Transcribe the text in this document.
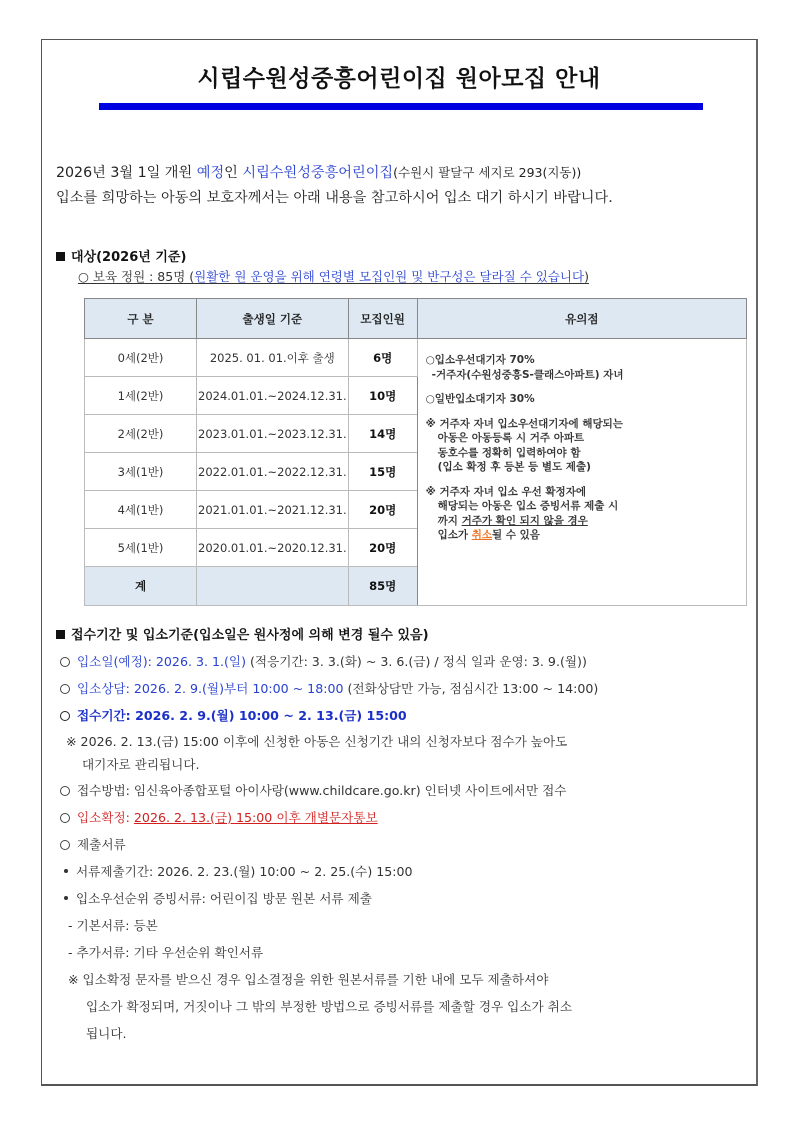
시립수원성중흥어린이집 원아모집 안내
2026년 3월 1일 개원 예정인 시립수원성중흥어린이집(수원시 팔달구 세지로 293(지동))
입소를 희망하는 아동의 보호자께서는 아래 내용을 참고하시어 입소 대기 하시기 바랍니다.
대상(2026년 기준)
○ 보육 정원 : 85명 (원활한 원 운영을 위해 연령별 모집인원 및 반구성은 달라질 수 있습니다)
구 분	출생일 기준	모집인원	유의점
0세(2반)	2025. 01. 01.이후 출생	6명	○입소우선대기자 70%
-거주자(수원성중흥S-클래스아파트) 자녀

○일반입소대기자 30%

※ 거주자 자녀 입소우선대기자에 해당되는
아동은 아동등록 시 거주 아파트
동호수를 정확히 입력하여야 함
(입소 확정 후 등본 등 별도 제출)

※ 거주자 자녀 입소 우선 확정자에
해당되는 아동은 입소 증빙서류 제출 시
까지 거주가 확인 되지 않을 경우
입소가 취소될 수 있음

1세(2반)	2024.01.01.~2024.12.31.	10명	
2세(2반)	2023.01.01.~2023.12.31.	14명	
3세(1반)	2022.01.01.~2022.12.31.	15명	
4세(1반)	2021.01.01.~2021.12.31.	20명	
5세(1반)	2020.01.01.~2020.12.31.	20명	
계		85명	
접수기간 및 입소기준(입소일은 원사정에 의해 변경 될수 있음)
입소일(예정): 2026. 3. 1.(일) (적응기간: 3. 3.(화) ~ 3. 6.(금) / 정식 일과 운영: 3. 9.(월))
입소상담: 2026. 2. 9.(월)부터 10:00 ~ 18:00 (전화상담만 가능, 점심시간 13:00 ~ 14:00)
접수기간: 2026. 2. 9.(월) 10:00 ~ 2. 13.(금) 15:00
※ 2026. 2. 13.(금) 15:00 이후에 신청한 아동은 신청기간 내의 신청자보다 점수가 높아도
대기자로 관리됩니다.
접수방법: 임신육아종합포털 아이사랑(www.childcare.go.kr) 인터넷 사이트에서만 접수
입소확정: 2026. 2. 13.(금) 15:00 이후 개별문자통보
제출서류
서류제출기간: 2026. 2. 23.(월) 10:00 ~ 2. 25.(수) 15:00
입소우선순위 증빙서류: 어린이집 방문 원본 서류 제출
- 기본서류: 등본
- 추가서류: 기타 우선순위 확인서류
※ 입소확정 문자를 받으신 경우 입소결정을 위한 원본서류를 기한 내에 모두 제출하셔야
입소가 확정되며, 거짓이나 그 밖의 부정한 방법으로 증빙서류를 제출할 경우 입소가 취소
됩니다.
